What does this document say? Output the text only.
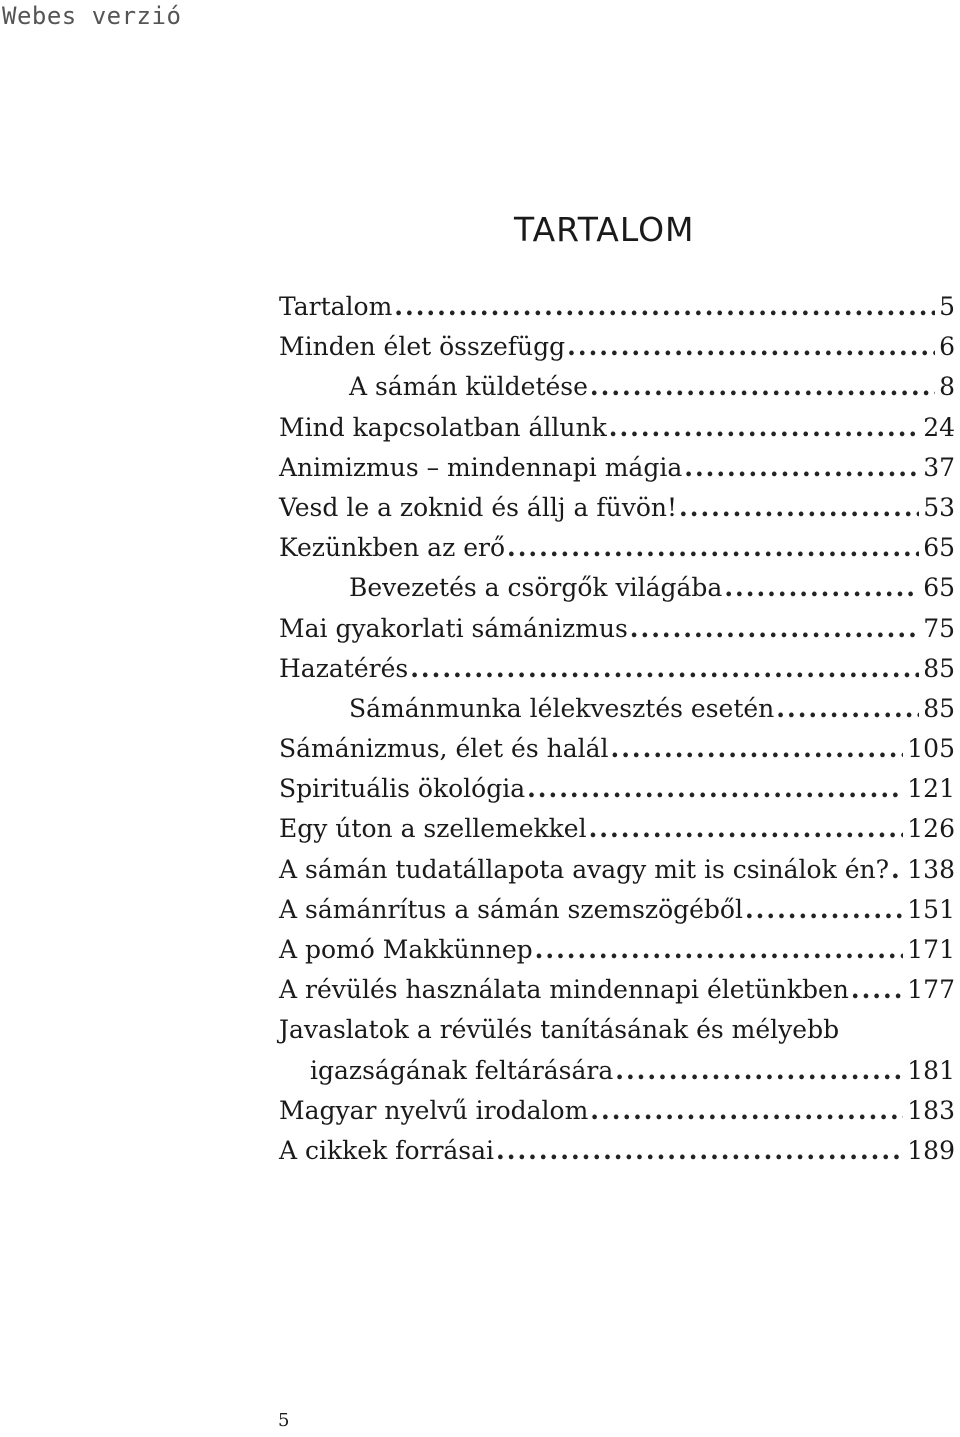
Webes verzió
TARTALOM
Tartalom .....	5
Minden élet összefügg .....	6
A sámán küldetése .....	8
Mind kapcsolatban állunk .....	24
Animizmus – mindennapi mágia .....	37
Vesd le a zoknid és állj a füvön! .....	53
Kezünkben az erő .....	65
Bevezetés a csörgők világába .....	65
Mai gyakorlati sámánizmus .....	75
Hazatérés .....	85
Sámánmunka lélekvesztés esetén .....	85
Sámánizmus, élet és halál .....	105
Spirituális ökológia .....	121
Egy úton a szellemekkel .....	126
A sámán tudatállapota avagy mit is csinálok én? ..... 138
A sámánrítus a sámán szemszögéből .....	151
A pomó Makkünnep .....	171
A révülés használata mindennapi életünkben ..... 177
Javaslatok a révülés tanításának és mélyebb
igazságának feltárására .....	181
Magyar nyelvű irodalom .....	183
A cikkek forrásai .....	189
5
